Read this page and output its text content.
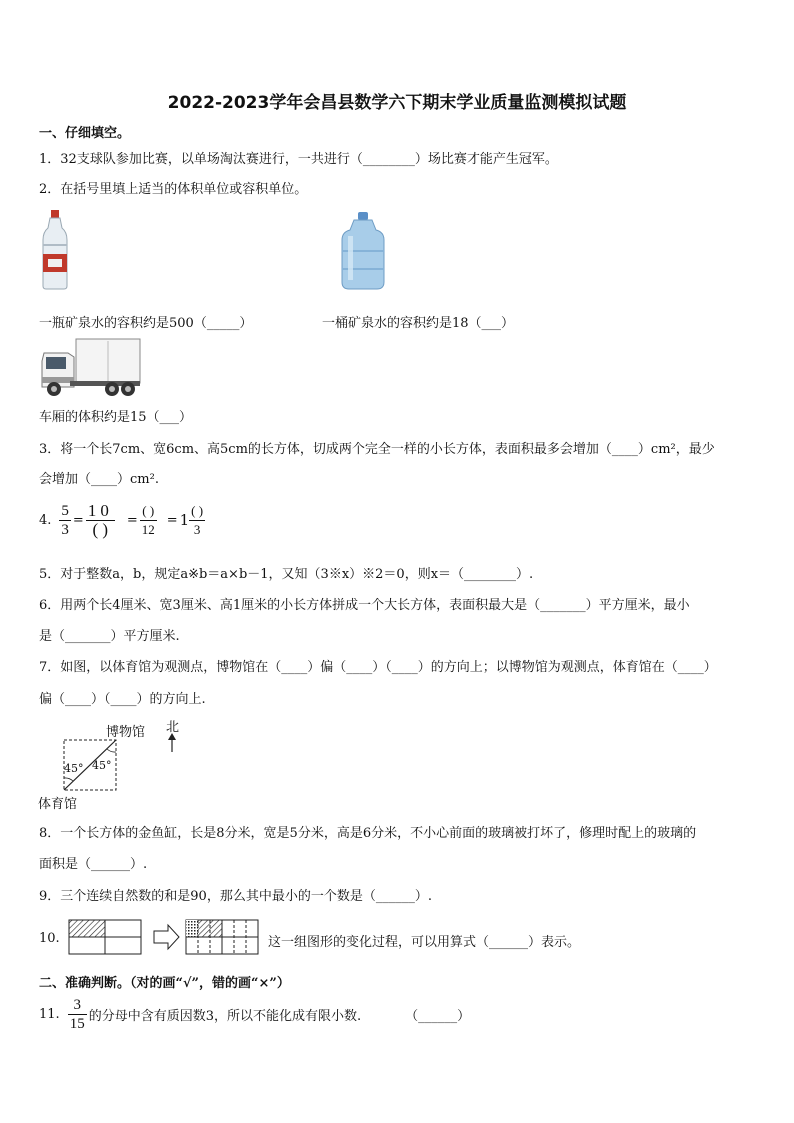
2022-2023学年会昌县数学六下期末学业质量监测模拟试题
一、仔细填空。
1．32支球队参加比赛，以单场淘汰赛进行，一共进行（________）场比赛才能产生冠军。
2．在括号里填上适当的体积单位或容积单位。
一瓶矿泉水的容积约是500（_____）	一桶矿泉水的容积约是18（___）
车厢的体积约是15（___）
3．将一个长7cm、宽6cm、高5cm的长方体，切成两个完全一样的小长方体，表面积最多会增加（____）cm²，最少
会增加（____）cm².
4. $\frac{5}{3} = \frac{10}{( )} = \frac{( )}{12} = 1 \frac{( )}{3}$
5．对于整数a，b，规定a※b＝a×b－1，又知（3※x）※2＝0，则x＝（________）.
6．用两个长4厘米、宽3厘米、高1厘米的小长方体拼成一个大长方体，表面积最大是（_______）平方厘米，最小
是（_______）平方厘米.
7．如图，以体育馆为观测点，博物馆在（____）偏（____）（____）的方向上；以博物馆为观测点，体育馆在（____）
偏（____）（____）的方向上.
博物馆 北
45° 45°
体育馆
8．一个长方体的金鱼缸，长是8分米，宽是5分米，高是6分米，不小心前面的玻璃被打坏了，修理时配上的玻璃的
面积是（______）.
9．三个连续自然数的和是90，那么其中最小的一个数是（______）.
10.	这一组图形的变化过程，可以用算式（______）表示。
二、准确判断。（对的画“√”，错的画“×”）
11. $\frac{3}{15}$ 的分母中含有质因数3，所以不能化成有限小数.	（______）
